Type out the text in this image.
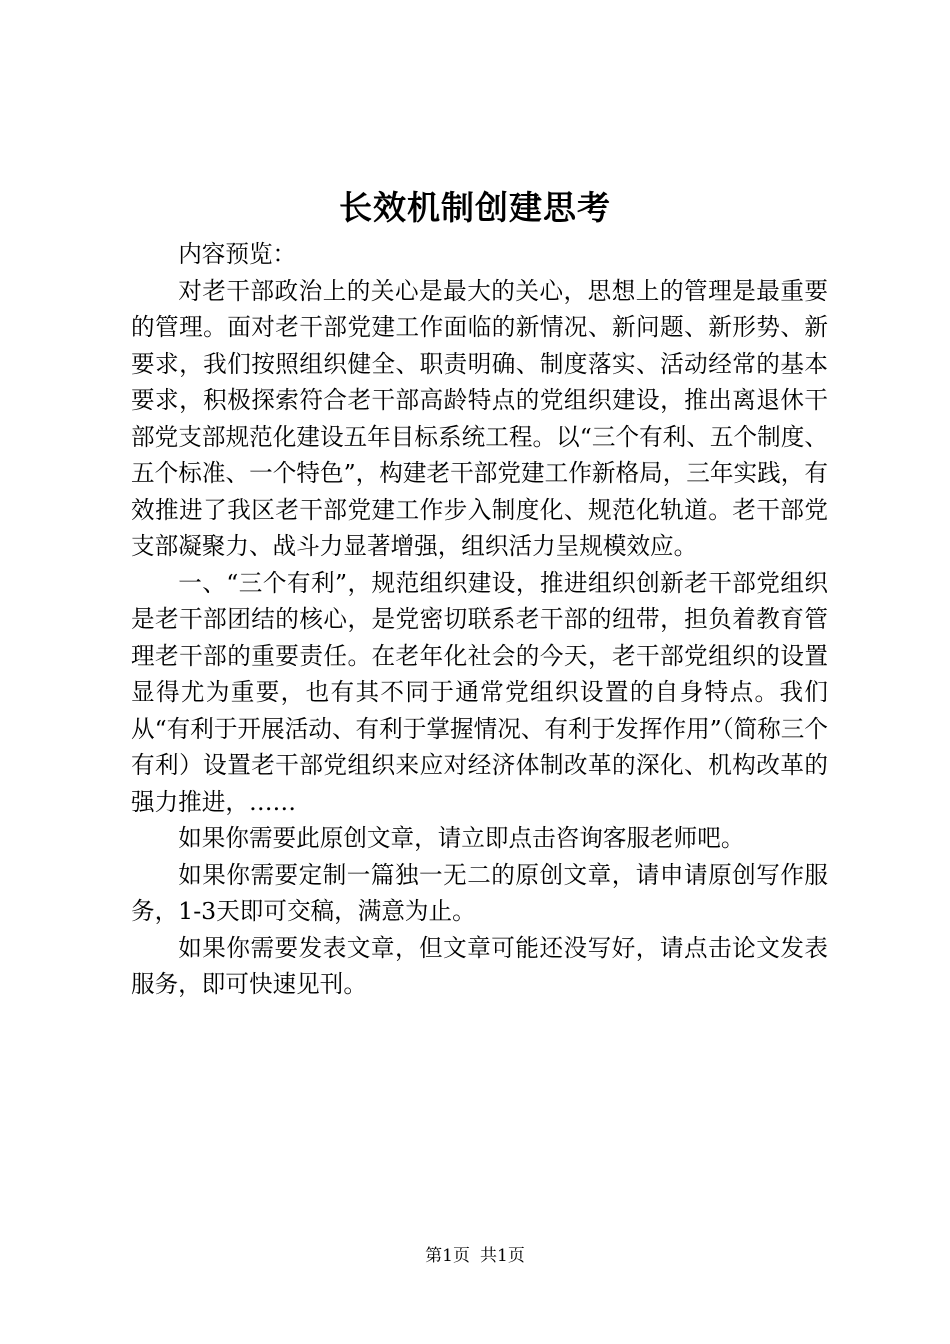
长效机制创建思考

内容预览：

对老干部政治上的关心是最大的关心，思想上的管理是最重要的管理。面对老干部党建工作面临的新情况、新问题、新形势、新要求，我们按照组织健全、职责明确、制度落实、活动经常的基本要求，积极探索符合老干部高龄特点的党组织建设，推出离退休干部党支部规范化建设五年目标系统工程。以“三个有利、五个制度、五个标准、一个特色”，构建老干部党建工作新格局，三年实践，有效推进了我区老干部党建工作步入制度化、规范化轨道。老干部党支部凝聚力、战斗力显著增强，组织活力呈规模效应。

一、“三个有利”，规范组织建设，推进组织创新老干部党组织是老干部团结的核心，是党密切联系老干部的纽带，担负着教育管理老干部的重要责任。在老年化社会的今天，老干部党组织的设置显得尤为重要，也有其不同于通常党组织设置的自身特点。我们从“有利于开展活动、有利于掌握情况、有利于发挥作用”（简称三个有利）设置老干部党组织来应对经济体制改革的深化、机构改革的强力推进，……

如果你需要此原创文章，请立即点击咨询客服老师吧。

如果你需要定制一篇独一无二的原创文章，请申请原创写作服务，1-3天即可交稿，满意为止。

如果你需要发表文章，但文章可能还没写好，请点击论文发表服务，即可快速见刊。

第1页 共1页
